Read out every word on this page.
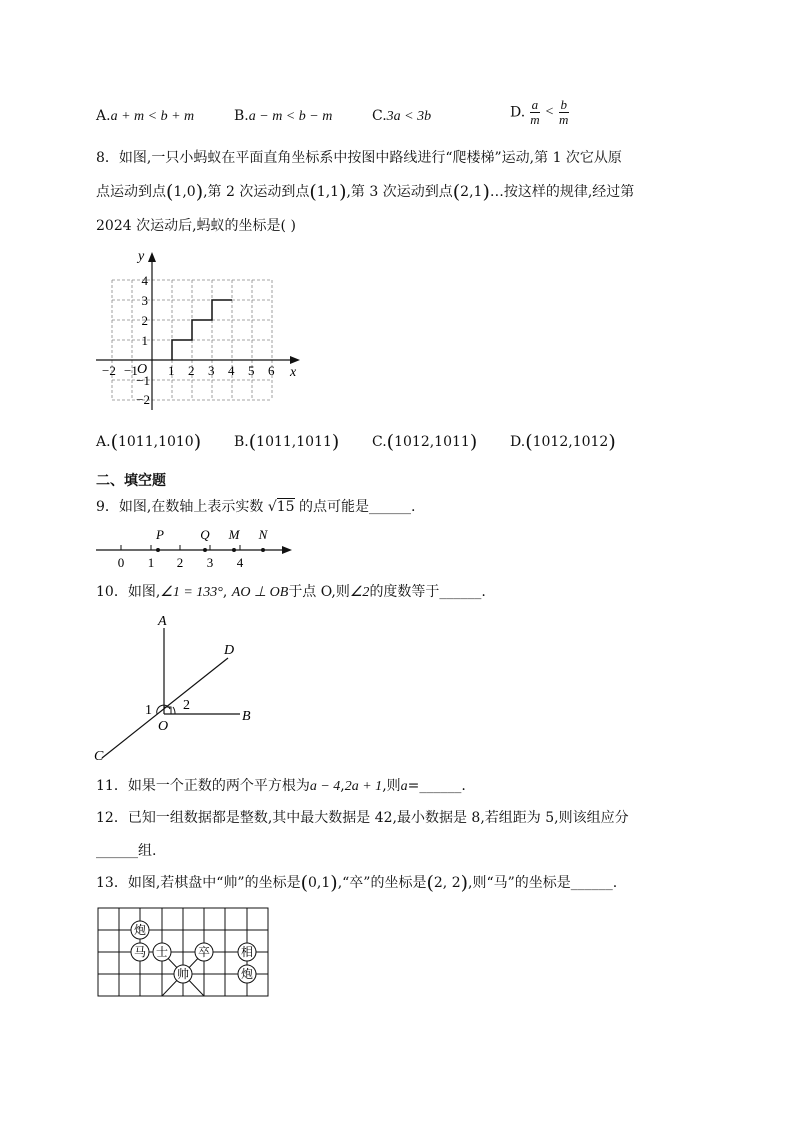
A.a + m < b + m	B.a − m < b − m	C.3a < 3b	D. $\frac{a}{m} < \frac{b}{m}$
8．如图,一只小蚂蚁在平面直角坐标系中按图中路线进行“爬楼梯”运动,第 1 次它从原
点运动到点(1,0),第 2 次运动到点(1,1),第 3 次运动到点(2,1)…按这样的规律,经过第
2024 次运动后,蚂蚁的坐标是( )
y
x
O
−2 −1 1 2 3 4 5 6
4
3
2
1
−1
−2
A.(1011,1010) B.(1011,1011) C.(1012,1011) D.(1012,1012)
二、填空题
9．如图,在数轴上表示实数 √15 的点可能是______.
P	Q M N
0 1 2 3 4
10．如图,∠1 = 133°, AO ⊥ OB于点 O,则∠2的度数等于______.
A
B
C
D
O
1 2
11．如果一个正数的两个平方根为a − 4,2a + 1,则a=______.
12．已知一组数据都是整数,其中最大数据是 42,最小数据是 8,若组距为 5,则该组应分
______组.
13．如图,若棋盘中“帅”的坐标是(0,1),“卒”的坐标是(2, 2),则“马”的坐标是______.
炮
马 士 卒	相
帅	炮
